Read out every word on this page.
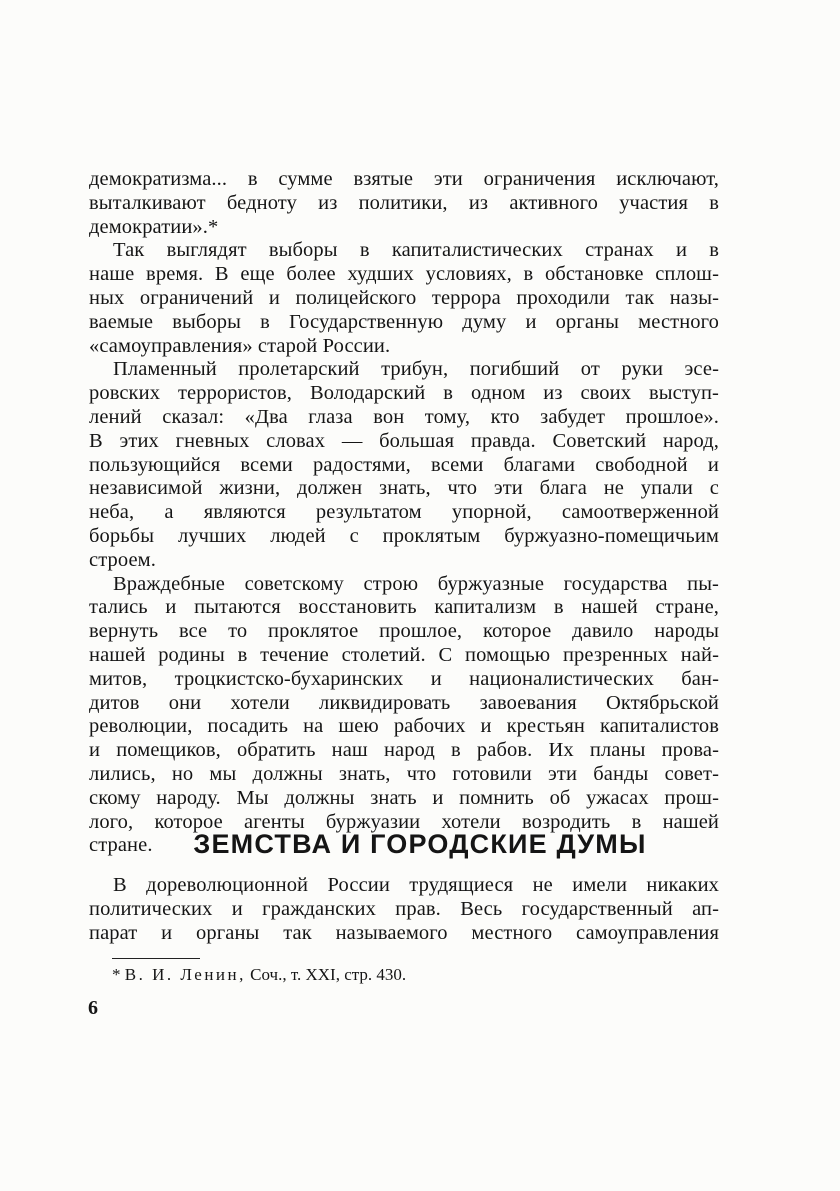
демократизма... в сумме взятые эти ограничения исключают,
выталкивают бедноту из политики, из активного участия в
демократии».*
Так выглядят выборы в капиталистических странах и в
наше время. В еще более худших условиях, в обстановке сплош-
ных ограничений и полицейского террора проходили так назы-
ваемые выборы в Государственную думу и органы местного
«самоуправления» старой России.
Пламенный пролетарский трибун, погибший от руки эсе-
ровских террористов, Володарский в одном из своих выступ-
лений сказал: «Два глаза вон тому, кто забудет прошлое».
В этих гневных словах — большая правда. Советский народ,
пользующийся всеми радостями, всеми благами свободной и
независимой жизни, должен знать, что эти блага не упали с
неба, а являются результатом упорной, самоотверженной
борьбы лучших людей с проклятым буржуазно-помещичьим
строем.
Враждебные советскому строю буржуазные государства пы-
тались и пытаются восстановить капитализм в нашей стране,
вернуть все то проклятое прошлое, которое давило народы
нашей родины в течение столетий. С помощью презренных най-
митов, троцкистско-бухаринских и националистических бан-
дитов они хотели ликвидировать завоевания Октябрьской
революции, посадить на шею рабочих и крестьян капиталистов
и помещиков, обратить наш народ в рабов. Их планы прова-
лились, но мы должны знать, что готовили эти банды совет-
скому народу. Мы должны знать и помнить об ужасах прош-
лого, которое агенты буржуазии хотели возродить в нашей
стране.	ЗЕМСТВА И ГОРОДСКИЕ ДУМЫ
В дореволюционной России трудящиеся не имели никаких
политических и гражданских прав. Весь государственный ап-
парат и органы так называемого местного самоуправления
* В. И. Ленин, Соч., т. XXI, стр. 430.
6
